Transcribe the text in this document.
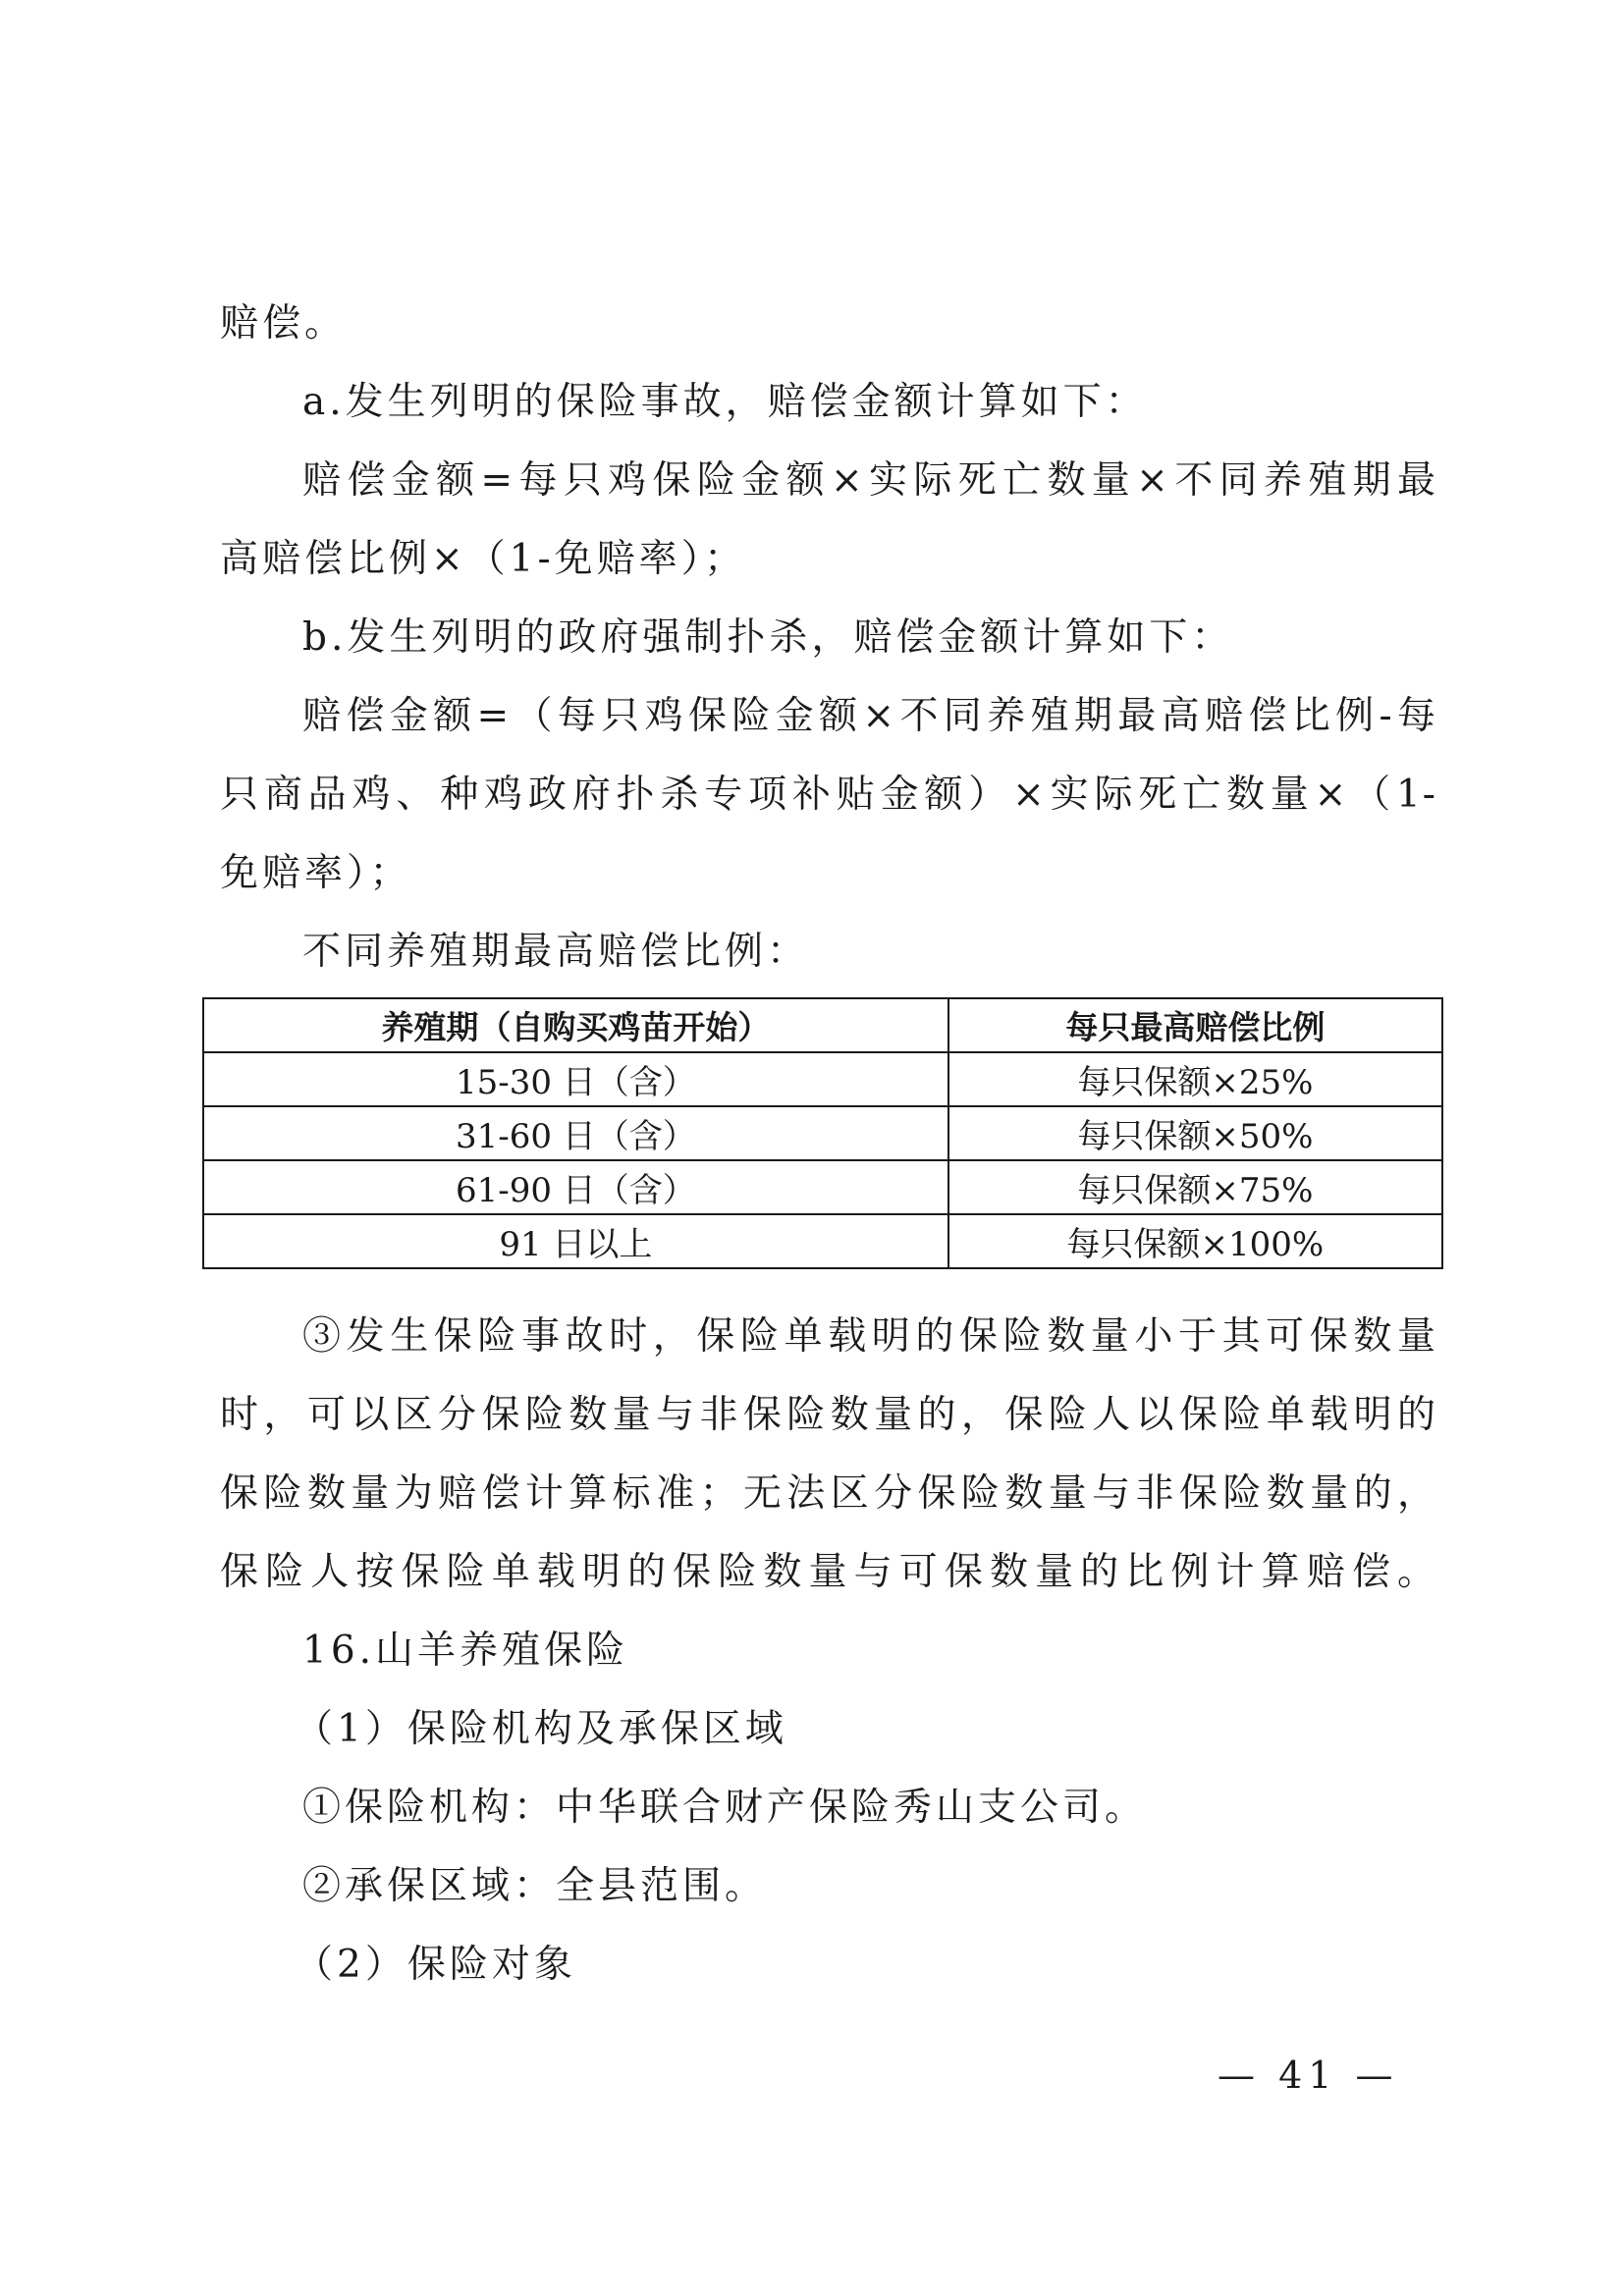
赔偿。
a.发生列明的保险事故，赔偿金额计算如下：
赔偿金额=每只鸡保险金额×实际死亡数量×不同养殖期最
高赔偿比例×（1-免赔率）；
b.发生列明的政府强制扑杀，赔偿金额计算如下：
赔偿金额=（每只鸡保险金额×不同养殖期最高赔偿比例-每
只商品鸡、种鸡政府扑杀专项补贴金额）×实际死亡数量×（1-
免赔率）；
不同养殖期最高赔偿比例：
养殖期（自购买鸡苗开始）	每只最高赔偿比例
15-30 日（含）	每只保额×25%
31-60 日（含）	每只保额×50%
61-90 日（含）	每只保额×75%
91 日以上	每只保额×100%
③发生保险事故时，保险单载明的保险数量小于其可保数量
时，可以区分保险数量与非保险数量的，保险人以保险单载明的
保险数量为赔偿计算标准；无法区分保险数量与非保险数量的，
保险人按保险单载明的保险数量与可保数量的比例计算赔偿。
16.山羊养殖保险
（1）保险机构及承保区域
①保险机构：中华联合财产保险秀山支公司。
②承保区域：全县范围。
（2）保险对象
— 41 —
